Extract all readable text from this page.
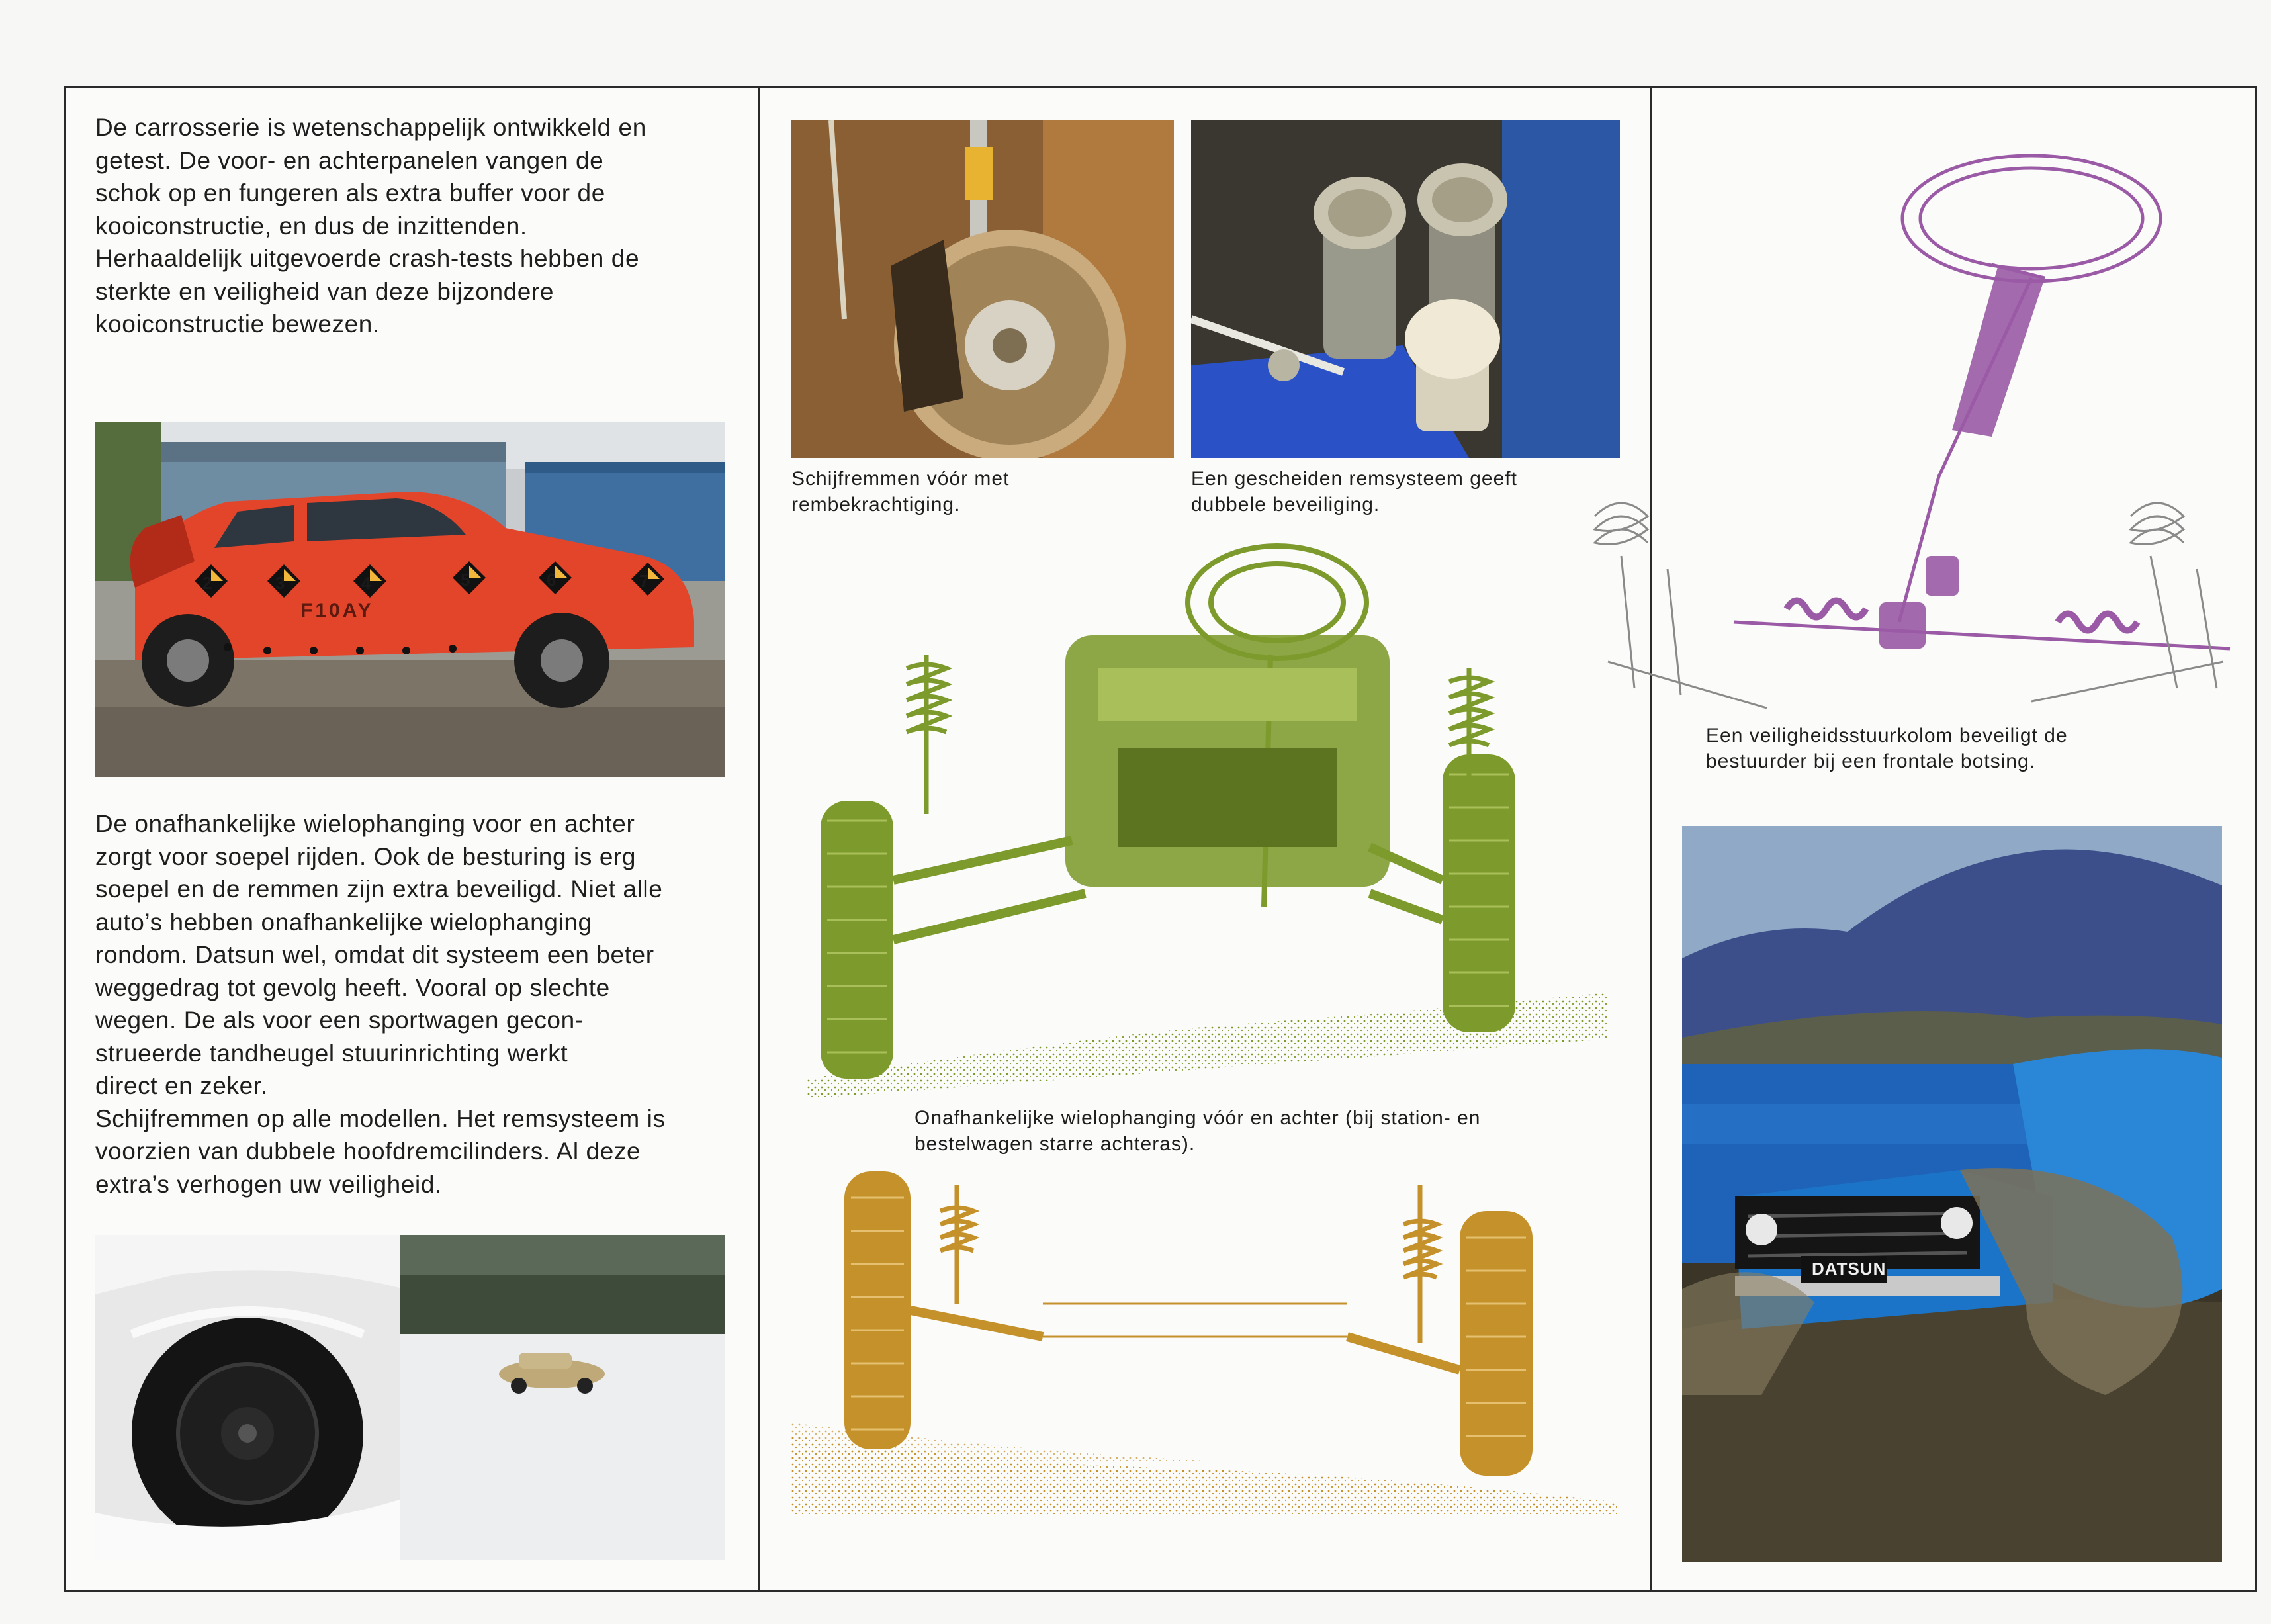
De carrosserie is wetenschappelijk ontwikkeld en
getest. De voor- en achterpanelen vangen de
schok op en fungeren als extra buffer voor de
kooiconstructie, en dus de inzittenden.
Herhaaldelijk uitgevoerde crash-tests hebben de
sterkte en veiligheid van deze bijzondere
kooiconstructie bewezen.

2	3	4	5	6	7
F10AY

De onafhankelijke wielophanging voor en achter
zorgt voor soepel rijden. Ook de besturing is erg
soepel en de remmen zijn extra beveiligd. Niet alle
auto’s hebben onafhankelijke wielophanging
rondom. Datsun wel, omdat dit systeem een beter
weggedrag tot gevolg heeft. Vooral op slechte
wegen. De als voor een sportwagen gecon-
strueerde tandheugel stuurinrichting werkt
direct en zeker.
Schijfremmen op alle modellen. Het remsysteem is
voorzien van dubbele hoofdremcilinders. Al deze
extra’s verhogen uw veiligheid.

Schijfremmen vóór met
rembekrachtiging.

Een gescheiden remsysteem geeft
dubbele beveiliging.

Onafhankelijke wielophanging vóór en achter (bij station- en
bestelwagen starre achteras).

Een veiligheidsstuurkolom beveiligt de
bestuurder bij een frontale botsing.

DATSUN
